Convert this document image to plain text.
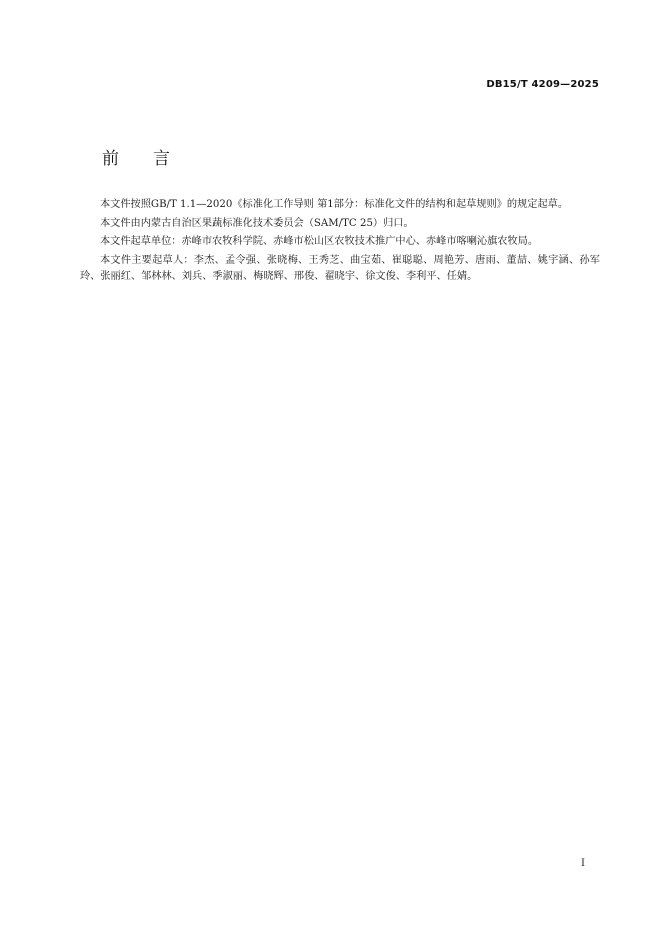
DB15/T 4209—2025
前 言

本文件按照GB/T 1.1—2020《标准化工作导则 第1部分：标准化文件的结构和起草规则》的规定起草。

本文件由内蒙古自治区果蔬标准化技术委员会（SAM/TC 25）归口。

本文件起草单位：赤峰市农牧科学院、赤峰市松山区农牧技术推广中心、赤峰市喀喇沁旗农牧局。

本文件主要起草人：李杰、孟令强、张晓梅、王秀芝、曲宝茹、崔聪聪、周艳芳、唐雨、董喆、姚宇涵、孙军玲、张丽红、邹林林、刘兵、季淑丽、梅晓辉、邢俊、翟晓宇、徐文俊、李利平、任婧。

I
